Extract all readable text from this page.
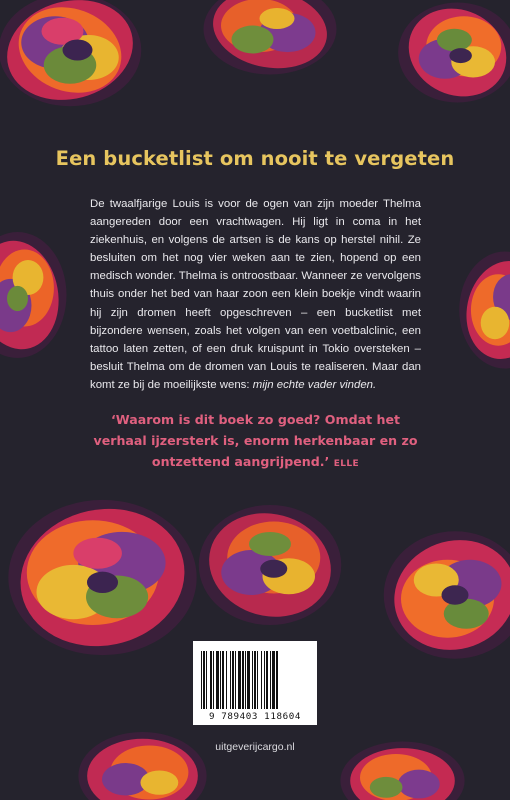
Een bucketlist om nooit te vergeten
De twaalfjarige Louis is voor de ogen van zijn moeder Thelma aangereden door een vrachtwagen. Hij ligt in coma in het ziekenhuis, en volgens de artsen is de kans op herstel nihil. Ze besluiten om het nog vier weken aan te zien, hopend op een medisch wonder. Thelma is ontroostbaar. Wanneer ze vervolgens thuis onder het bed van haar zoon een klein boekje vindt waarin hij zijn dromen heeft opgeschreven – een bucketlist met bijzondere wensen, zoals het volgen van een voetbalclinic, een tattoo laten zetten, of een druk kruispunt in Tokio oversteken – besluit Thelma om de dromen van Louis te realiseren. Maar dan komt ze bij de moeilijkste wens: mijn echte vader vinden.
‘Waarom is dit boek zo goed? Omdat het verhaal ijzersterk is, enorm herkenbaar en zo ontzettend aangrijpend.’ ELLE
9 789403 118604
uitgeverijcargo.nl
